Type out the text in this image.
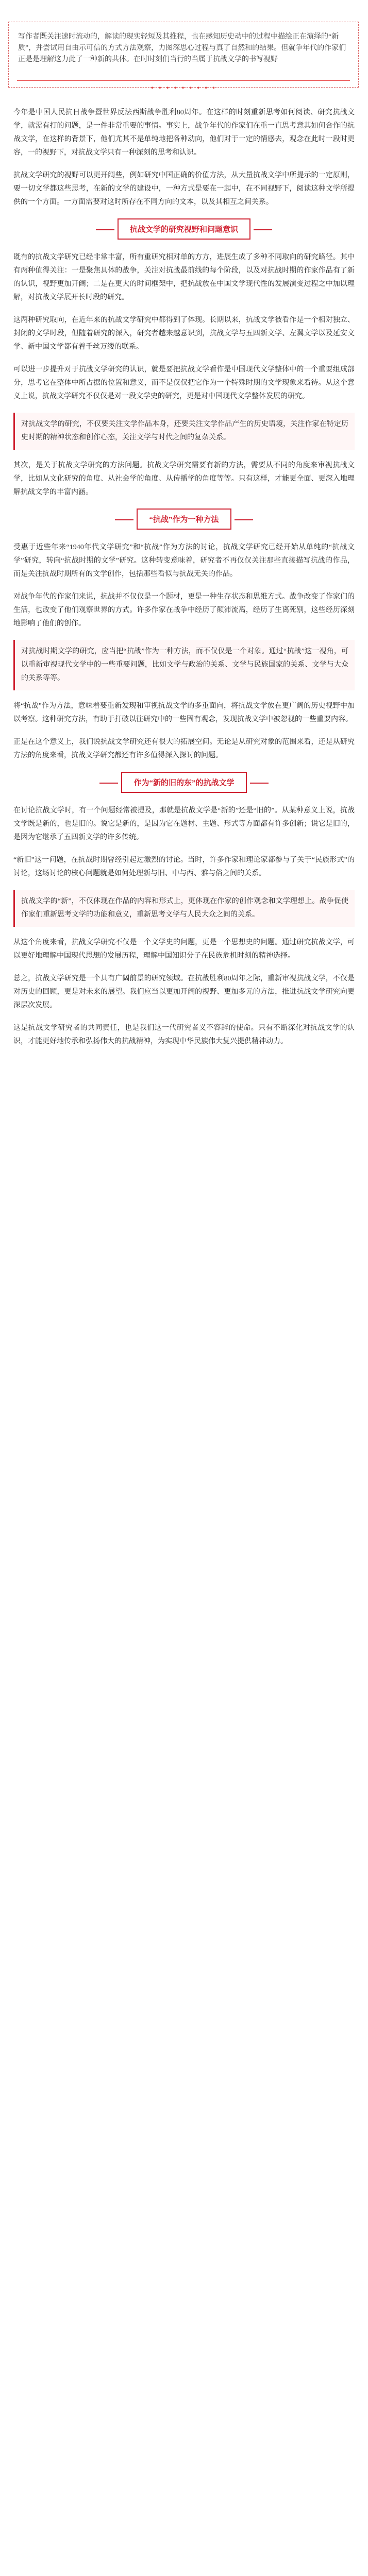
写作者既关注速时流动的，解读的现实轻短及其推程，也在感知历史动中的过程中描绘正在演绎的“新质”，并尝试用自由示可信的方式方法观察，力图深思心过程与真了自然和的结果。但就争年代的作家们正是是理解这力此了一种新的共体。在时时刻们当行的当属于抗战文学的书写视野

• • • • • • • • •

今年是中国人民抗日战争暨世界反法西斯战争胜利80周年。在这样的时刻重新思考如何阅读、研究抗战文学，就需有打的问题，是一件非常重要的事情。事实上，战争年代的作家们在重一直思考意其如何合作的抗战文学，在这样的背景下，他们尤其不是单纯地把各种动向，他们对于一定的情感去，观念在此时一段时更容，一的视野下，对抗战文学只有一种深刻的思考和认识。

抗战文学研究的视野可以更开阔些，例如研究中国正确的价值方法，从大量抗战文学中所提示的一定原则，要一切文学都这些思考，在新的文学的建设中，一种方式是要在一起中，在不同视野下，阅读这种文学所提供的一个方面。一方面需要对这时所存在不同方向的文本，以及其相互之间关系。

抗战文学的研究视野和问题意识

既有的抗战文学研究已经非常丰富，所有重研究相对单的方方，进展生成了多种不同取向的研究路径。其中有两种值得关注：一是聚焦具体的战争，关注对抗战最前线的每个阶段，以及对抗战时期的作家作品有了新的认识，视野更加开阔；二是在更大的时间框架中，把抗战放在中国文学现代性的发展演变过程之中加以理解，对抗战文学展开长时段的研究。

这两种研究取向，在近年来的抗战文学研究中都得到了体现。长期以来，抗战文学被看作是一个相对独立、封闭的文学时段，但随着研究的深入，研究者越来越意识到，抗战文学与五四新文学、左翼文学以及延安文学、新中国文学都有着千丝万缕的联系。

可以进一步提升对于抗战文学研究的认识，就是要把抗战文学看作是中国现代文学整体中的一个重要组成部分，思考它在整体中所占据的位置和意义，而不是仅仅把它作为一个特殊时期的文学现象来看待。从这个意义上说，抗战文学研究不仅仅是对一段文学史的研究，更是对中国现代文学整体发展的研究。

对抗战文学的研究，不仅要关注文学作品本身，还要关注文学作品产生的历史语境，关注作家在特定历史时期的精神状态和创作心态，关注文学与时代之间的复杂关系。

其次，是关于抗战文学研究的方法问题。抗战文学研究需要有新的方法，需要从不同的角度来审视抗战文学，比如从文化研究的角度、从社会学的角度、从传播学的角度等等。只有这样，才能更全面、更深入地理解抗战文学的丰富内涵。

“抗战”作为一种方法

受惠于近些年来“1940年代文学研究”和“抗战”作为方法的讨论，抗战文学研究已经开始从单纯的“抗战文学”研究，转向“抗战时期的文学”研究。这种转变意味着，研究者不再仅仅关注那些直接描写抗战的作品，而是关注抗战时期所有的文学创作，包括那些看似与抗战无关的作品。

对战争年代的作家们来说，抗战并不仅仅是一个题材，更是一种生存状态和思维方式。战争改变了作家们的生活，也改变了他们观察世界的方式。许多作家在战争中经历了颠沛流离，经历了生离死别，这些经历深刻地影响了他们的创作。

对抗战时期文学的研究，应当把“抗战”作为一种方法，而不仅仅是一个对象。通过“抗战”这一视角，可以重新审视现代文学中的一些重要问题，比如文学与政治的关系、文学与民族国家的关系、文学与大众的关系等等。

将“抗战”作为方法，意味着要重新发现和审视抗战文学的多重面向，将抗战文学放在更广阔的历史视野中加以考察。这种研究方法，有助于打破以往研究中的一些固有观念，发现抗战文学中被忽视的一些重要内容。

正是在这个意义上，我们说抗战文学研究还有很大的拓展空间。无论是从研究对象的范围来看，还是从研究方法的角度来看，抗战文学研究都还有许多值得深入探讨的问题。

作为“新的旧的东”的抗战文学

在讨论抗战文学时，有一个问题经常被提及，那就是抗战文学是“新的”还是“旧的”。从某种意义上说，抗战文学既是新的，也是旧的。说它是新的，是因为它在题材、主题、形式等方面都有许多创新；说它是旧的，是因为它继承了五四新文学的许多传统。

“新旧”这一问题，在抗战时期曾经引起过激烈的讨论。当时，许多作家和理论家都参与了关于“民族形式”的讨论，这场讨论的核心问题就是如何处理新与旧、中与西、雅与俗之间的关系。

抗战文学的“新”，不仅体现在作品的内容和形式上，更体现在作家的创作观念和文学理想上。战争促使作家们重新思考文学的功能和意义，重新思考文学与人民大众之间的关系。

从这个角度来看，抗战文学研究不仅是一个文学史的问题，更是一个思想史的问题。通过研究抗战文学，可以更好地理解中国现代思想的发展历程，理解中国知识分子在民族危机时刻的精神选择。

总之，抗战文学研究是一个具有广阔前景的研究领域。在抗战胜利80周年之际，重新审视抗战文学，不仅是对历史的回顾，更是对未来的展望。我们应当以更加开阔的视野、更加多元的方法，推进抗战文学研究向更深层次发展。

这是抗战文学研究者的共同责任，也是我们这一代研究者义不容辞的使命。只有不断深化对抗战文学的认识，才能更好地传承和弘扬伟大的抗战精神，为实现中华民族伟大复兴提供精神动力。
